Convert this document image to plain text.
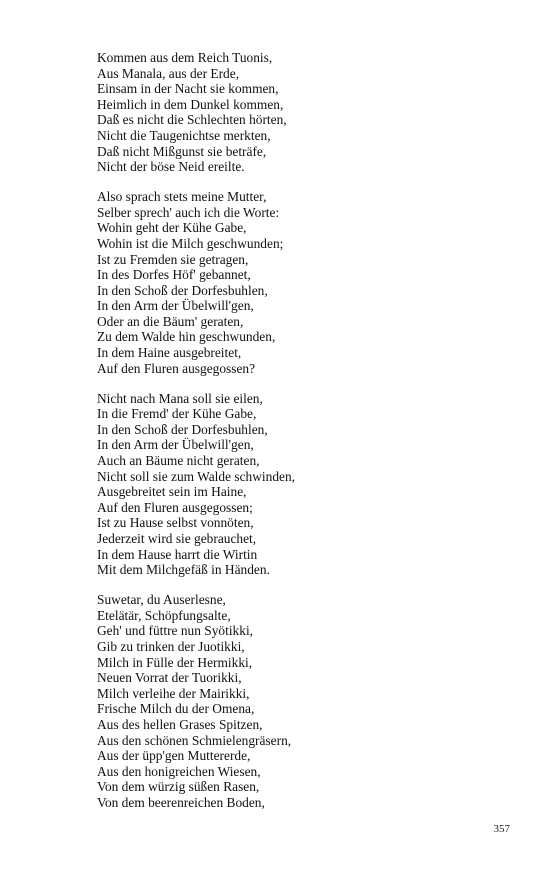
Kommen aus dem Reich Tuonis,
Aus Manala, aus der Erde,
Einsam in der Nacht sie kommen,
Heimlich in dem Dunkel kommen,
Daß es nicht die Schlechten hörten,
Nicht die Taugenichtse merkten,
Daß nicht Mißgunst sie beträfe,
Nicht der böse Neid ereilte.
Also sprach stets meine Mutter,
Selber sprech' auch ich die Worte:
Wohin geht der Kühe Gabe,
Wohin ist die Milch geschwunden;
Ist zu Fremden sie getragen,
In des Dorfes Höf' gebannet,
In den Schoß der Dorfesbuhlen,
In den Arm der Übelwill'gen,
Oder an die Bäum' geraten,
Zu dem Walde hin geschwunden,
In dem Haine ausgebreitet,
Auf den Fluren ausgegossen?
Nicht nach Mana soll sie eilen,
In die Fremd' der Kühe Gabe,
In den Schoß der Dorfesbuhlen,
In den Arm der Übelwill'gen,
Auch an Bäume nicht geraten,
Nicht soll sie zum Walde schwinden,
Ausgebreitet sein im Haine,
Auf den Fluren ausgegossen;
Ist zu Hause selbst vonnöten,
Jederzeit wird sie gebrauchet,
In dem Hause harrt die Wirtin
Mit dem Milchgefäß in Händen.
Suwetar, du Auserlesne,
Etelätär, Schöpfungsalte,
Geh' und füttre nun Syötikki,
Gib zu trinken der Juotikki,
Milch in Fülle der Hermikki,
Neuen Vorrat der Tuorikki,
Milch verleihe der Mairikki,
Frische Milch du der Omena,
Aus des hellen Grases Spitzen,
Aus den schönen Schmielengräsern,
Aus der üpp'gen Muttererde,
Aus den honigreichen Wiesen,
Von dem würzig süßen Rasen,
Von dem beerenreichen Boden,
357
